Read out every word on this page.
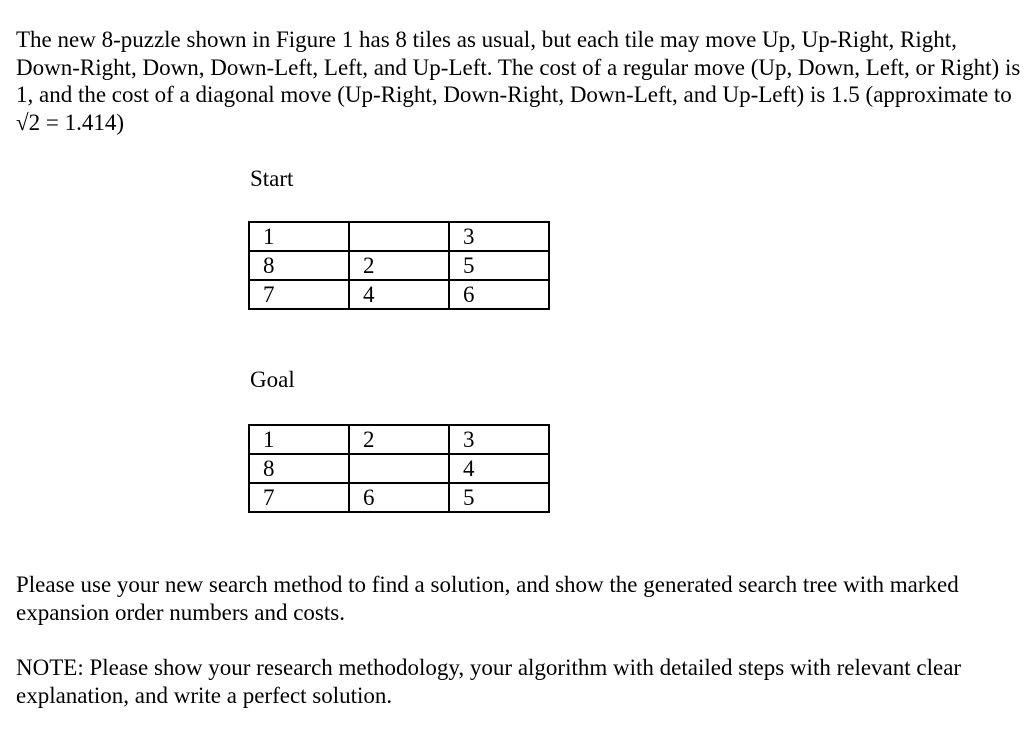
The new 8-puzzle shown in Figure 1 has 8 tiles as usual, but each tile may move Up, Up-Right, Right, Down-Right, Down, Down-Left, Left, and Up-Left. The cost of a regular move (Up, Down, Left, or Right) is 1, and the cost of a diagonal move (Up-Right, Down-Right, Down-Left, and Up-Left) is 1.5 (approximate to √2 = 1.414)

Start
1		3
8	2	5
7	4	6
Goal
1	2	3
8		4
7	6	5

Please use your new search method to find a solution, and show the generated search tree with marked expansion order numbers and costs.

NOTE: Please show your research methodology, your algorithm with detailed steps with relevant clear explanation, and write a perfect solution.
